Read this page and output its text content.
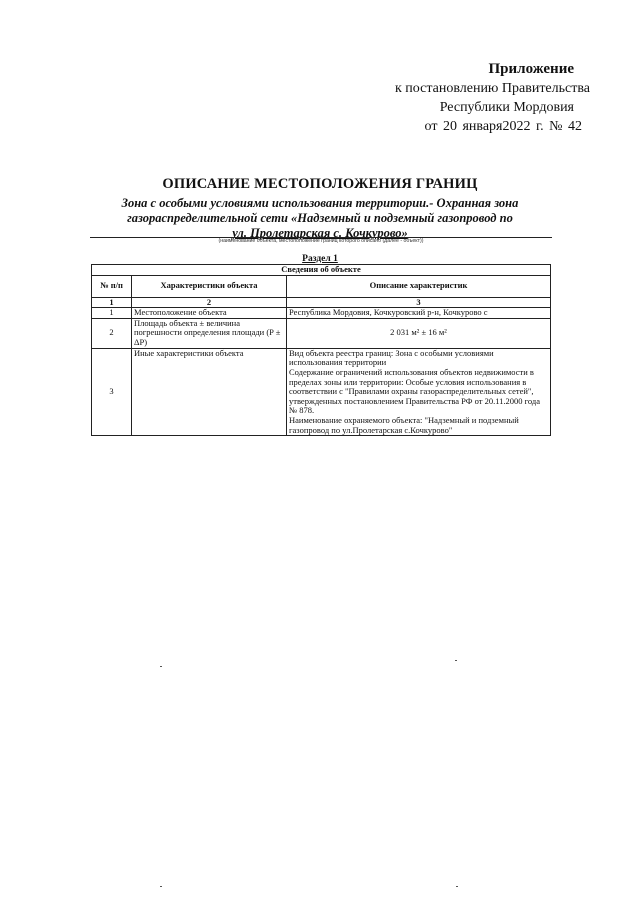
Приложение
к постановлению Правительства
Республики Мордовия
от 20 января2022 г. № 42
ОПИСАНИЕ МЕСТОПОЛОЖЕНИЯ ГРАНИЦ
Зона с особыми условиями использования территории.- Охранная зона
газораспределительной сети «Надземный и подземный газопровод по
ул. Пролетарская с. Кочкурово»
(наименование объекта, местоположение границ которого описано (далее - объект))
Раздел 1
Сведения об объекте		
№ п/п	Характеристики объекта	Описание характеристик
1	2	3
1	Местоположение объекта	Республика Мордовия, Кочкуровский р-н, Кочкурово с
2	Площадь объекта ± величина погрешности определения площади (P ± ΔP)	2 031 м² ± 16 м²
3	Иные характеристики объекта	Вид объекта реестра границ: Зона с особыми условиями использования территории
Содержание ограничений использования объектов недвижимости в пределах зоны или территории: Особые условия использования в соответствии с "Правилами охраны газораспределительных сетей", утвержденных постановлением Правительства РФ от 20.11.2000 года № 878.
Наименование охраняемого объекта: "Надземный и подземный газопровод по ул.Пролетарская с.Кочкурово"
